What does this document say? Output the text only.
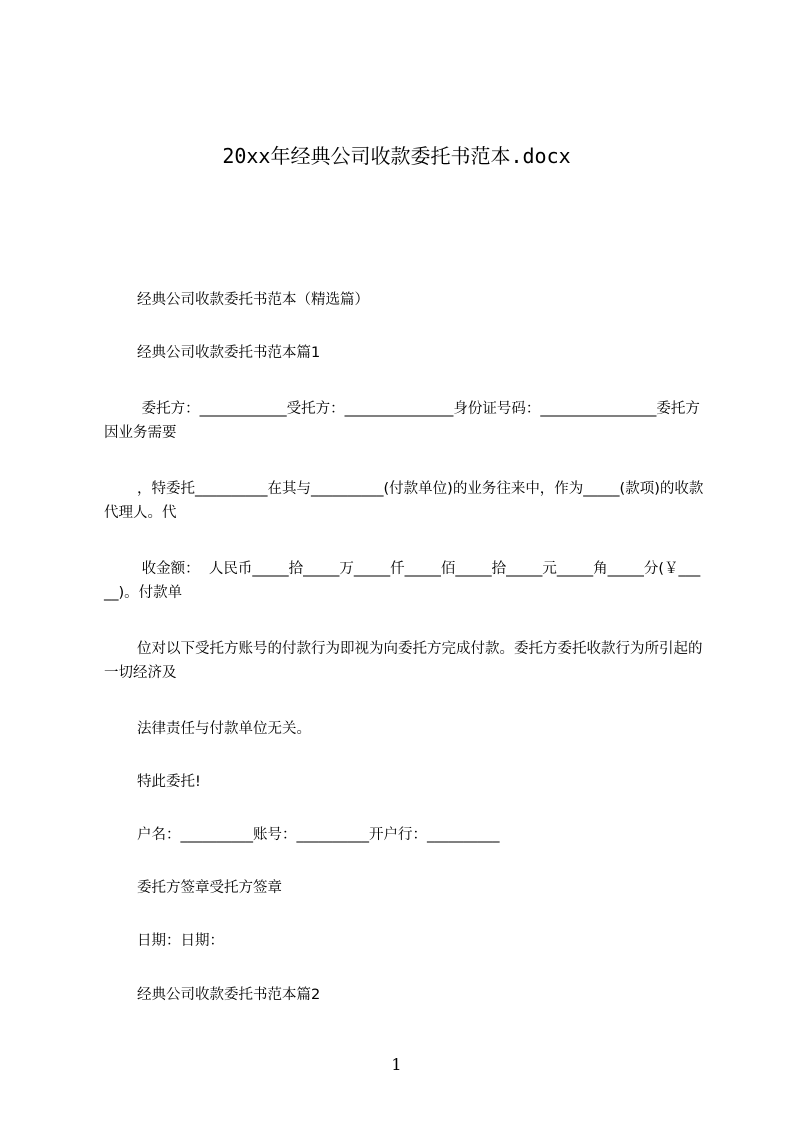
20xx年经典公司收款委托书范本.docx

经典公司收款委托书范本（精选篇）

经典公司收款委托书范本篇1

委托方：____________受托方：_______________身份证号码：________________委托方因业务需要

，特委托__________在其与__________(付款单位)的业务往来中，作为_____(款项)的收款代理人。代

收金额：  人民币_____拾_____万_____仟_____佰_____拾_____元_____角_____分(￥_____)。付款单

位对以下受托方账号的付款行为即视为向委托方完成付款。委托方委托收款行为所引起的一切经济及

法律责任与付款单位无关。

特此委托!

户名：__________账号：__________开户行：__________

委托方签章受托方签章

日期：日期：

经典公司收款委托书范本篇2

1
